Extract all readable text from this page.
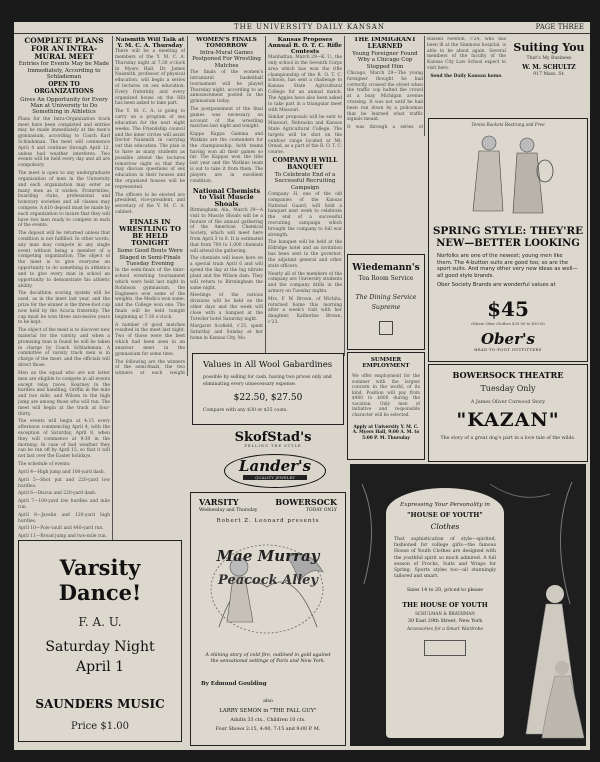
THE UNIVERSITY DAILY KANSAN	PAGE THREE
COMPLETE PLANS FOR AN INTRA-MURAL MEET
Entries for Events May be Made Immediately, According to Schlademan
OPEN TO ORGANIZATIONS
Gives An Opportunity for Every Man at University to Do Something in Athletics

Plans for the Intra-Organization track meet have been completed and entries may be made immediately at the men's gymnasium, according to Coach Karl Schlademan. The meet will commence April 4 and continue through April 12, unless bad weather interferes. Two events will be held every day and all are compulsory.

The meet is open to any undergraduate organization of men in the University and each organization may enter as many men as it wishes. Fraternities, boarding clubs, professional and honorary societies and all classes may compete. A $10 deposit must be made by each organization to insure that they will have two men ready to compete in each of the events.

The deposit will be returned unless that condition is not fulfilled. In other words, any man may compete in any single event without being a member of a competing organization. The object of the meet is to give everyone an opportunity to do something in athletics and to give every man in school an opportunity to demonstrate his athletic ability.

The decathlon scoring system will be used, as in the meet last year, and the prize for the winner is the three-foot cup now held by the Acacia fraternity. The cup must be won three successive years to be kept.

The object of the meet is to discover new material for the varsity, and when a promising man is found he will be taken in charge by Coach Schlademan. A committee of varsity track men is in charge of the meet, and the officials will direct those.

Men on the squad who are not letter men are eligible to compete in all events except relay races. Kearney in the hurdles and handling, Griffin in the mile and two mile, and Wilson in the high jump are among those who will run. The meet will begin at the track at four-thirty.

The events will begin at 4:15 every afternoon commencing April 4, with the exception of Saturday, April 8, when they will commence at 9:30 in the morning. In case of bad weather they can be run off by April 15, so that it will not last over the Easter holidays.

The schedule of events:

April 4—High jump and 100-yard dash.

April 5—Shot put and 220-yard low hurdles.

April 6—Discus and 220-yard dash.

April 7—100-yard low hurdles and mile run.

April 8—Javelin and 120-yard high hurdles.

April 10—Pole vault and 440-yard run.

April 11—Broad jump and two-mile run.

Varsity Dance!
F. A. U.
Saturday Night
April 1
SAUNDERS MUSIC
Price $1.00
Naismith Will Talk at Y. M. C. A. Thursday

There will be a meeting of members of the Y. M. C. A. Thursday night at 7:30 o'clock in Myers Hall. Dr. James Naismith, professor of physical education, will begin a series of lectures on sex education. Every fraternity and every organized house on the Hill has been asked to take part.

The Y. M. C. A. is going to carry on a program of sex education for the next eight weeks. The Friendship council and the inner circles will assist Doctor Naismith in carrying out this education. The plan is to have as many students as possible attend the lectures tomorrow night so that they may discuss questions of sex education in their houses and the organized houses will be represented.

The officers to be elected are president, vice-president, and secretary of the Y. M. C. A. cabinet.

FINALS IN WRESTLING TO BE HELD TONIGHT
Some Good Bouts Were Staged in Semi-Finals Tuesday Evening

In the semi-finals of the inter-school wrestling tournament which were held last night in Robinson gymnasium, the Engineers won some of the weights, the Medics won some, and the College won one. The finals will be held tonight beginning at 7:30 o'clock.

A number of good matches resulted in the meet last night. Two of those were the best which had been seen in an amateur meet in the gymnasium for some time.

The following are the winners of the semi-finals, the two winners at each weight

WOMEN'S FINALS TOMORROW
Intra-Mural Games Postponed For Wrestling Matches

The finals of the women's intramural basketball tournament will be played Thursday night, according to an announcement posted in the gymnasium today.

The postponement of the final games was necessary on account of the wrestling matches last night and tonight.

Kappa Kappa Gamma and Watkins are the contenders for the championship, both teams having won all their games so far. The Kappas won the title last year and the Watkins team is out to take it from them. The players are in excellent condition.

National Chemists to Visit Muscle Shoals

Birmingham, Ala., March 29—A visit to Muscle Shoals will be a feature of the annual gathering of the American Chemical Society, which will meet here from April 3 to 8. It is estimated that from 700 to 1,000 chemists will attend the gathering.

The chemists will leave here on a special train April 6 and will spend the day at the big nitrate plant and the Wilson dam. They will return to Birmingham the same night.

Meetings of the various divisions will be held on the other days and the week will close with a banquet at the Tutwiler hotel Saturday night.

Margaret Scofield, c'25, spent Saturday and Sunday at her home in Kansas City, Mo.

Kansas Proposes Annual R. O. T. C. Rifle Contests

Manhattan, March 29—K. U., the only school in the Seventh Corps area which has won the rifle championship of the R. O. T. C. schools, has sent a challenge to Kansas State Agricultural College for an annual match. The Aggies have also been asked to take part in a triangular meet with Missouri.

Similar proposals will be sent to Missouri, Nebraska and Kansas State Agricultural College. The targets will be shot on the outdoor range located at Mt. Oread, as a part of the R. O. T. C. course.

COMPANY H WILL BANQUET
To Celebrate End of a Successful Recruiting Campaign

Company H, one of the old companies of the Kansas National Guard, will hold a banquet next week to celebrate the end of a successful recruiting campaign which brought the company to full war strength.

The banquet will be held at the Eldridge hotel and an invitation has been sent to the governor, the adjutant general and other state officers.

Nearly all of the members of the company are University students and the company drills in the armory on Tuesday nights.

Mrs. F. W. Brown, of Wichita, returned home this morning after a week's visit with her daughter, Katherine Brown, c'23.

Values in All Wool Gabardines
possible by selling for cash, having two prices only and
eliminating every unnecessary expense.
$22.50, $27.50
Compare with any $30 or $35 coats.
SkofStad's
FELLING THE STYLE
Lander's
QUALITY JEWELRY
VARSITY	BOWERSOCK
Wednesday and Thursday	TODAY ONLY
Robert Z. Leonard presents
Mae Murray
Peacock Alley
A shining story of cold fire, outlined in gold against the sensational settings of Paris and New York.
By Edmund Goulding
also
LARRY SEMON in "THE FALL GUY"
Adults 33 cts., Children 10 cts.
Four Shows 2:15, 4:00, 7:15 and 9:00 P. M.
THE IMMIGRANT LEARNED
Young Foreigner Found Why a Chicago Cop Stopped Him

Chicago, March 29—The young foreigner thought he had correctly crossed the street when the traffic cop halted the crowd at a busy Michigan avenue crossing. It was not until he had been run down by a policeman that he learned what traffic signals meant.

It was through a series of

Wiedemann's
Tea Room Service
The Dining Service
Supreme
SUMMER EMPLOYMENT
We offer employment for the summer with the largest concern in the world, of its kind. Position will pay from $400 to $800 during the vacation. Only men of initiative and responsible character will be selected.
Apply at University Y. M. C. A. Myers Hall, 9:00 A. M. to 5:00 P. M. Thursday

Russell Newton, c'24, who has been ill at the Simmons hospital, is able to be about again. Several members of the faculty of the Kansas City Law School expect to visit here.

Send the Daily Kansan home.

Suiting You
That's My Business
W. M. SCHULTZ
917 Mass. St.
Tennis Rackets Restrung and Free
SPRING STYLE: THEY'RE
NEW—BETTER LOOKING
Norfolks are one of the newest; young men like them. The 4-button suits are good too; so are the sport suits. And many other very new ideas as well—all good style brands.
Ober Society Brands are wonderful values at
$45
Others Ober Clothes $35.00 to $50.00
Ober's
HEAD-TO-FOOT OUTFITTERS
BOWERSOCK THEATRE
Tuesday Only
A James Oliver Curwood Story
"KAZAN"
The story of a great dog's part in a love tale of the wilds.
Expressing Your Personality in
"HOUSE OF YOUTH"
Clothes
That sophistication of style—spirited, fashioned for college girls—the famous House of Youth Clothes are designed with the youthful spirit so much admired. A full season of Frocks, Suits and Wraps for Spring. Sports styles too—all stunningly tailored and smart.
Sizes 14 to 20, priced to please
THE HOUSE OF YOUTH
SCHULMAN & BRATHMAN
30 East 29th Street, New York
Accessories for a Smart Wardrobe
